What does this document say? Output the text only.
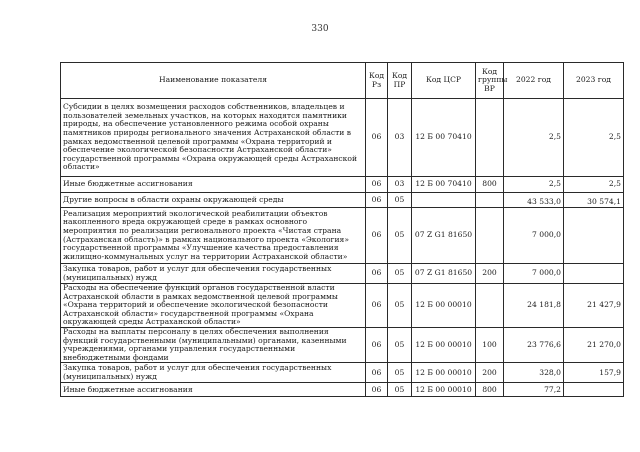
330
Наименование показателя	Код Рз	Код ПР	Код ЦСР	Код группы ВР	2022 год	2023 год
Субсидии в целях возмещения расходов собственников, владельцев и пользователей земельных участков, на которых находятся памятники природы, на обеспечение установленного режима особой охраны памятников природы регионального значения Астраханской области в рамках ведомственной целевой программы «Охрана территорий и обеспечение экологической безопасности Астраханской области» государственной программы «Охрана окружающей среды Астраханской области»	06	03	12 Б 00 70410		2,5	2,5
Иные бюджетные ассигнования	06	03	12 Б 00 70410	800	2,5	2,5
Другие вопросы в области охраны окружающей среды	06	05			43 533,0	30 574,1
Реализация мероприятий экологической реабилитации объектов накопленного вреда окружающей среде в рамках основного мероприятия по реализации регионального проекта «Чистая страна (Астраханская область)» в рамках национального проекта «Экология» государственной программы «Улучшение качества предоставления жилищно-коммунальных услуг на территории Астраханской области»	06	05	07 Z G1 81650		7 000,0	
Закупка товаров, работ и услуг для обеспечения государственных (муниципальных) нужд	06	05	07 Z G1 81650	200	7 000,0	
Расходы на обеспечение функций органов государственной власти Астраханской области в рамках ведомственной целевой программы «Охрана территорий и обеспечение экологической безопасности Астраханской области» государственной программы «Охрана окружающей среды Астраханской области»	06	05	12 Б 00 00010		24 181,8	21 427,9
Расходы на выплаты персоналу в целях обеспечения выполнения функций государственными (муниципальными) органами, казенными учреждениями, органами управления государственными внебюджетными фондами	06	05	12 Б 00 00010	100	23 776,6	21 270,0
Закупка товаров, работ и услуг для обеспечения государственных (муниципальных) нужд	06	05	12 Б 00 00010	200	328,0	157,9
Иные бюджетные ассигнования	06	05	12 Б 00 00010	800	77,2	
